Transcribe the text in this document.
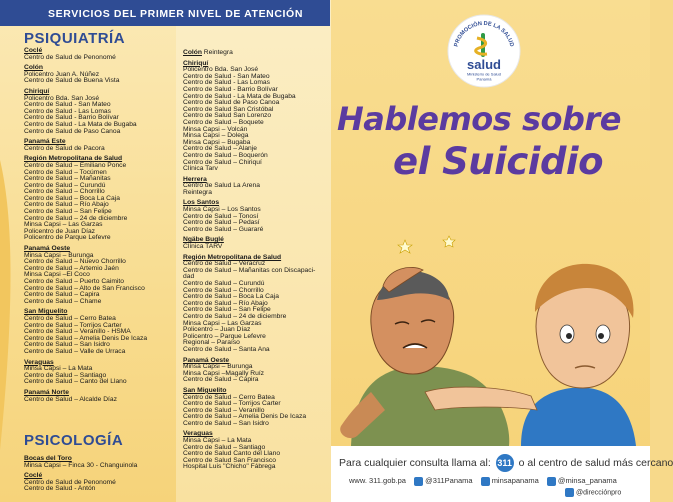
PSIQUIATRÍA
Coclé
Centro de Salud de Penonomé
Colón
Policentro Juan A. Núñez
Centro de Salud de Buena Vista
Chiriquí
Policentro Bda. San José
Centro de Salud - San Mateo
Centro de Salud - Las Lomas
Centro de Salud - Barrio Bolívar
Centro de Salud - La Mata de Bugaba
Centro de Salud de Paso Canoa
Panamá Este
Centro de Salud de Pacora
Región Metropolitana de Salud
Centro de Salud – Emiliano Ponce
Centro de Salud – Tocúmen
Centro de Salud – Mañanitas
Centro de Salud – Curundú
Centro de Salud – Chorrillo
Centro de Salud – Boca La Caja
Centro de Salud – Río Abajo
Centro de Salud – San Felipe
Centro de Salud – 24 de diciembre
Minsa Capsi – Las Garzas
Policentro de Juan Díaz
Policentro de Parque Lefevre
Panamá Oeste
Minsa Capsi – Burunga
Centro de Salud – Nuevo Chorrillo
Centro de Salud – Artemio Jaén
Minsa Capsi –El Coco
Centro de Salud – Puerto Caimito
Centro de Salud – Alto de San Francisco
Centro de Salud – Capira
Centro de Salud – Chame
San Miguelito
Centro de Salud – Cerro Batea
Centro de Salud – Torrijos Carter
Centro de Salud – Veranillo - HSMA
Centro de Salud – Amelia Denis De Icaza
Centro de Salud – San Isidro
Centro de Salud – Valle de Urraca
Veraguas
Minsa Capsi – La Mata
Centro de Salud – Santiago
Centro de Salud – Canto del Llano
Panamá Norte
Centro de Salud – Alcalde Díaz
PSICOLOGÍA
Bocas del Toro
Minsa Capsi – Finca 30 - Changuinola
Coclé
Centro de Salud de Penonomé
Centro de Salud - Antón
SERVICIOS DEL PRIMER NIVEL DE ATENCIÓN
Colón Reintegra
Chiriquí
Policentro Bda. San José
Centro de Salud - San Mateo
Centro de Salud - Las Lomas
Centro de Salud - Barrio Bolívar
Centro de Salud - La Mata de Bugaba
Centro de Salud de Paso Canoa
Centro de Salud San Cristóbal
Centro de Salud San Lorenzo
Centro de Salud – Boquete
Minsa Capsi – Volcán
Minsa Capsi – Dolega
Minsa Capsi – Bugaba
Centro de Salud – Alanje
Centro de Salud – Boquerón
Centro de Salud – Chiriquí
Clínica Tarv
Herrera
Centro de Salud La Arena
Reintegra
Los Santos
Minsa Capsi – Los Santos
Centro de Salud – Tonosí
Centro de Salud – Pedasí
Centro de Salud – Guararé
Ngäbe Buglé
Clínica TARV
Región Metropolitana de Salud
Centro de Salud – Veracruz
Centro de Salud – Mañanitas con Discapaci-
dad
Centro de Salud – Curundú
Centro de Salud – Chorrillo
Centro de Salud – Boca La Caja
Centro de Salud – Río Abajo
Centro de Salud – San Felipe
Centro de Salud – 24 de diciembre
Minsa Capsi – Las Garzas
Policentro – Juan Díaz
Policentro – Parque Lefevre
Regional – Paraíso
Centro de Salud – Santa Ana
Panamá Oeste
Minsa Capsi – Burunga
Minsa Capsi –Magally Ruíz
Centro de Salud – Capira
San Miguelito
Centro de Salud – Cerro Batea
Centro de Salud – Torrijos Carter
Centro de Salud – Veranillo
Centro de Salud – Amelia Denis De Icaza
Centro de Salud – San Isidro
Veraguas
Minsa Capsi – La Mata
Centro de Salud – Santiago
Centro de Salud Canto del Llano
Centro de Salud San Francisco
Hospital Luis "Chicho" Fábrega
PROMOCIÓN DE LA SALUD
salud
Ministerio de Salud
Panamá
Hablemos sobre
el Suicidio
Para cualquier consulta llama al: 311 o al centro de salud más cercano
www. 311.gob.pa	@311Panama	minsapanama	@minsa_panama
@direcciónpro
